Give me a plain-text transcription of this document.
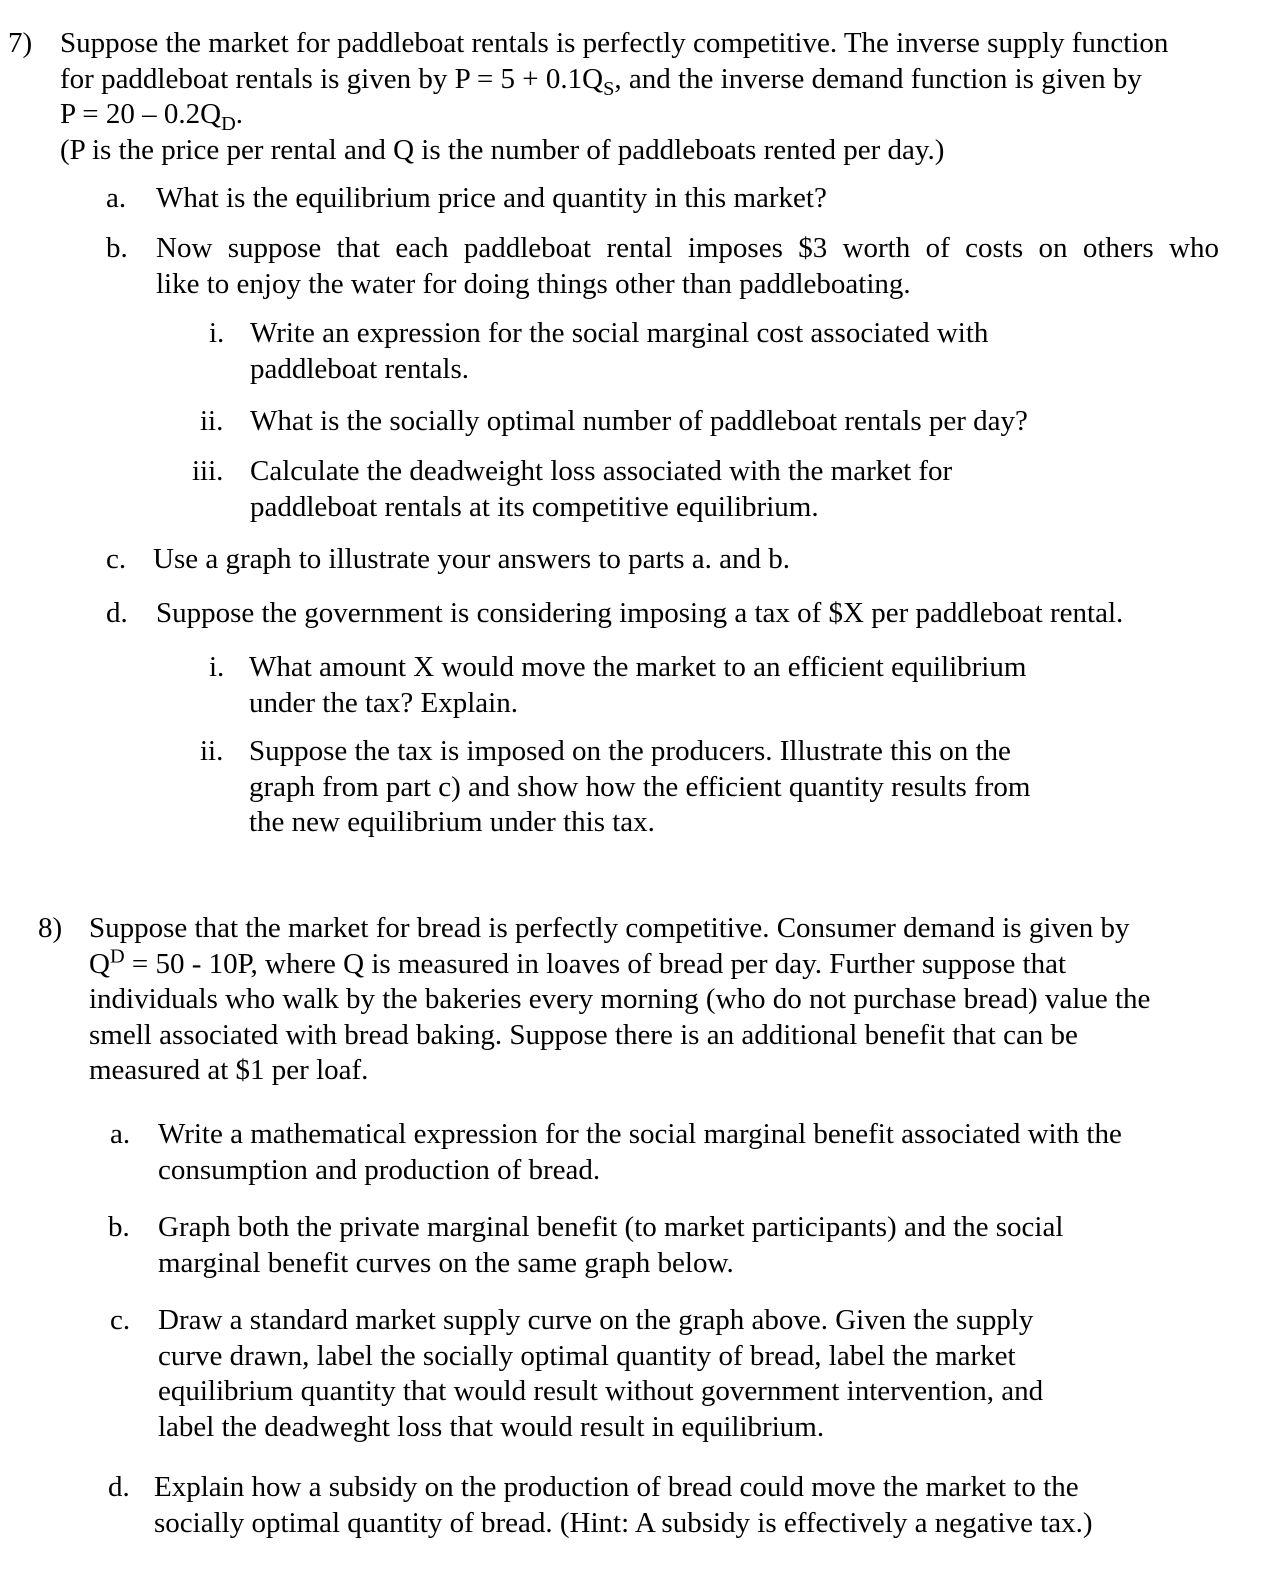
7) Suppose the market for paddleboat rentals is perfectly competitive. The inverse supply function
for paddleboat rentals is given by $P = 5 + 0.1Q_S$, and the inverse demand function is given by
$P = 20 - 0.2Q_D$.
(P is the price per rental and Q is the number of paddleboats rented per day.)
a. What is the equilibrium price and quantity in this market?
b. Now suppose that each paddleboat rental imposes $3 worth of costs on others who
like to enjoy the water for doing things other than paddleboating.
i. Write an expression for the social marginal cost associated with
paddleboat rentals.
ii. What is the socially optimal number of paddleboat rentals per day?
iii. Calculate the deadweight loss associated with the market for
paddleboat rentals at its competitive equilibrium.
c. Use a graph to illustrate your answers to parts a. and b.
d. Suppose the government is considering imposing a tax of $X per paddleboat rental.
i. What amount X would move the market to an efficient equilibrium
under the tax? Explain.
ii. Suppose the tax is imposed on the producers. Illustrate this on the
graph from part c) and show how the efficient quantity results from
the new equilibrium under this tax.
8) Suppose that the market for bread is perfectly competitive. Consumer demand is given by
$Q^D = 50 - 10P$, where Q is measured in loaves of bread per day. Further suppose that
individuals who walk by the bakeries every morning (who do not purchase bread) value the
smell associated with bread baking. Suppose there is an additional benefit that can be
measured at $1 per loaf.
a. Write a mathematical expression for the social marginal benefit associated with the
consumption and production of bread.
b. Graph both the private marginal benefit (to market participants) and the social
marginal benefit curves on the same graph below.
c. Draw a standard market supply curve on the graph above. Given the supply
curve drawn, label the socially optimal quantity of bread, label the market
equilibrium quantity that would result without government intervention, and
label the deadweght loss that would result in equilibrium.
d. Explain how a subsidy on the production of bread could move the market to the
socially optimal quantity of bread. (Hint: A subsidy is effectively a negative tax.)
